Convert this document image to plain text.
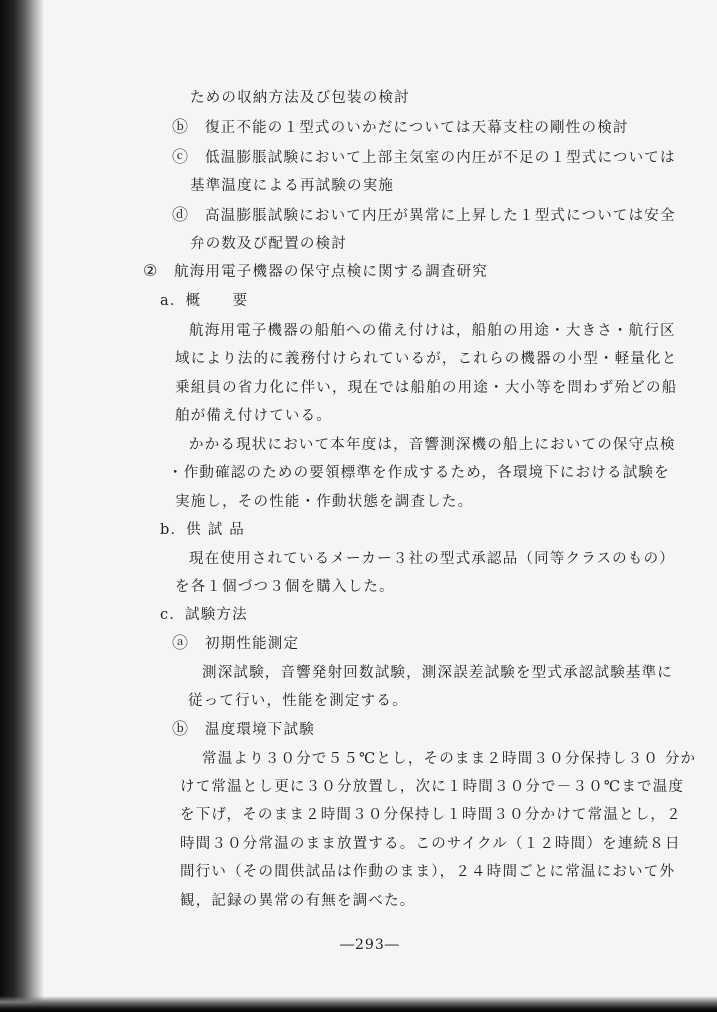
ための収納方法及び包装の検討
ⓑ 復正不能の１型式のいかだについては天幕支柱の剛性の検討
ⓒ 低温膨脹試験において上部主気室の内圧が不足の１型式については
基準温度による再試験の実施
ⓓ 高温膨脹試験において内圧が異常に上昇した１型式については安全
弁の数及び配置の検討
② 航海用電子機器の保守点検に関する調査研究
a．概　　要
航海用電子機器の船舶への備え付けは，船舶の用途・大きさ・航行区
域により法的に義務付けられているが，これらの機器の小型・軽量化と
乗組員の省力化に伴い，現在では船舶の用途・大小等を問わず殆どの船
舶が備え付けている。
かかる現状において本年度は，音響測深機の船上においての保守点検
・作動確認のための要領標準を作成するため，各環境下における試験を
実施し，その性能・作動状態を調査した。
b．供 試 品
現在使用されているメーカー３社の型式承認品（同等クラスのもの）
を各１個づつ３個を購入した。
c．試験方法
ⓐ 初期性能測定
測深試験，音響発射回数試験，測深誤差試験を型式承認試験基準に
従って行い，性能を測定する。
ⓑ 温度環境下試験
常温より３０分で５５℃とし，そのまま２時間３０分保持し３０ 分か
けて常温とし更に３０分放置し，次に１時間３０分で－３０℃まで温度
を下げ，そのまま２時間３０分保持し１時間３０分かけて常温とし，２
時間３０分常温のまま放置する。このサイクル（１２時間）を連続８日
間行い（その間供試品は作動のまま），２４時間ごとに常温において外
観，記録の異常の有無を調べた。
―293―
